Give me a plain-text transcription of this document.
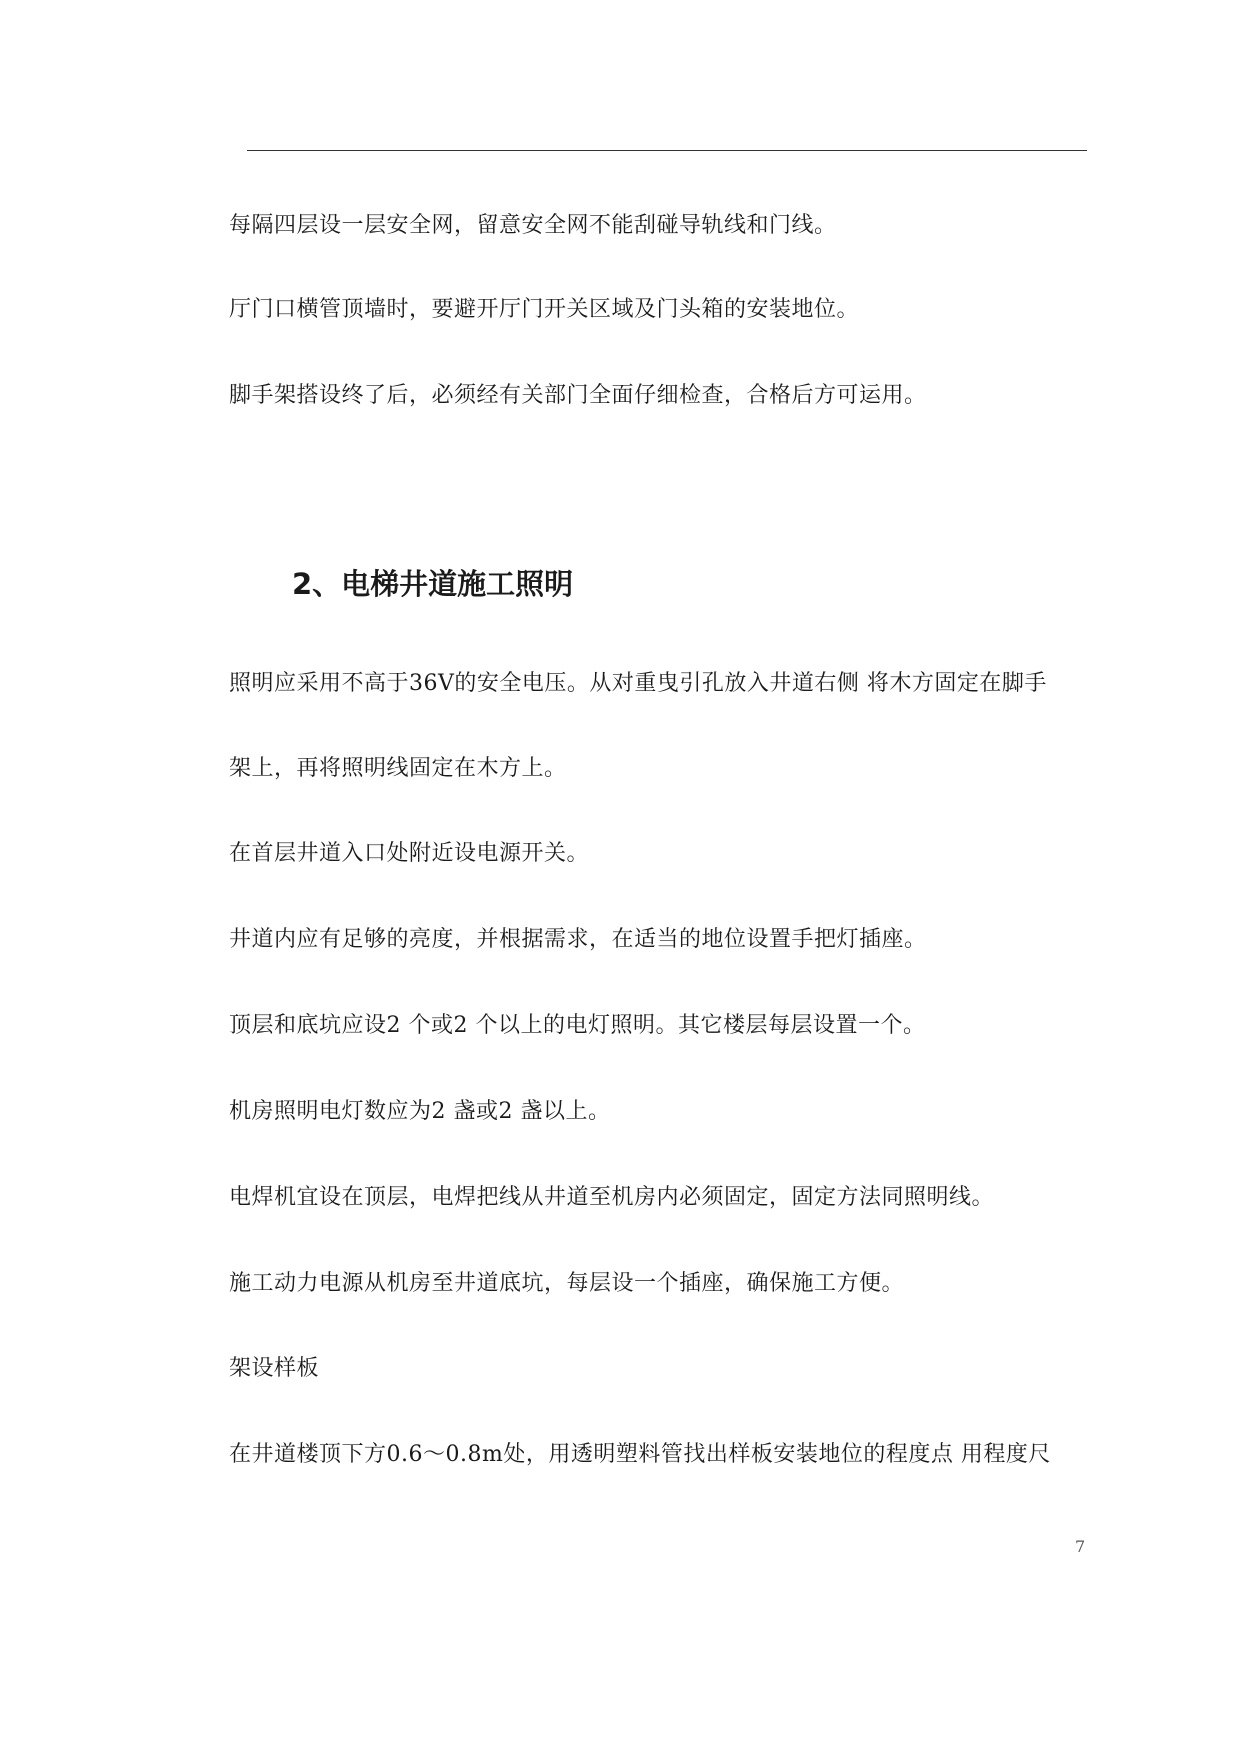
每隔四层设一层安全网，留意安全网不能刮碰导轨线和门线。
厅门口横管顶墙时，要避开厅门开关区域及门头箱的安装地位。
脚手架搭设终了后，必须经有关部门全面仔细检查，合格后方可运用。
2、电梯井道施工照明
照明应采用不高于36V的安全电压。从对重曳引孔放入井道右侧 将木方固定在脚手
架上，再将照明线固定在木方上。
在首层井道入口处附近设电源开关。
井道内应有足够的亮度，并根据需求，在适当的地位设置手把灯插座。
顶层和底坑应设2 个或2 个以上的电灯照明。其它楼层每层设置一个。
机房照明电灯数应为2 盏或2 盏以上。
电焊机宜设在顶层，电焊把线从井道至机房内必须固定，固定方法同照明线。
施工动力电源从机房至井道底坑，每层设一个插座，确保施工方便。
架设样板
在井道楼顶下方0.6～0.8m处，用透明塑料管找出样板安装地位的程度点 用程度尺
7
